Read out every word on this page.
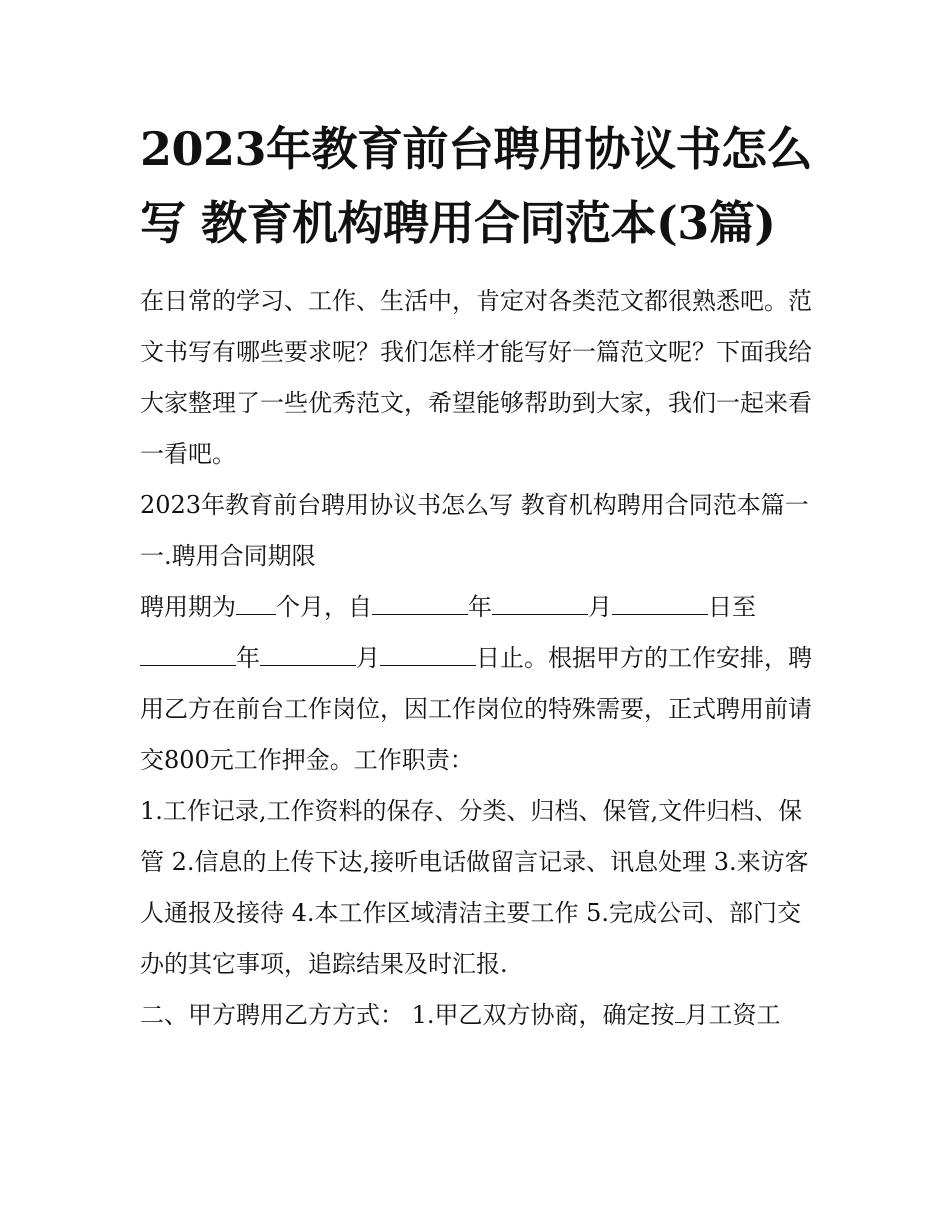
2023年教育前台聘用协议书怎么写 教育机构聘用合同范本(3篇)

在日常的学习、工作、生活中，肯定对各类范文都很熟悉吧。范文书写有哪些要求呢？我们怎样才能写好一篇范文呢？下面我给大家整理了一些优秀范文，希望能够帮助到大家，我们一起来看一看吧。

2023年教育前台聘用协议书怎么写 教育机构聘用合同范本篇一 一.聘用合同期限

聘用期为 个月，自	年	月	日至年	月	日止。根据甲方的工作安排，聘用乙方在前台工作岗位，因工作岗位的特殊需要，正式聘用前请交800元工作押金。工作职责：

1.工作记录,工作资料的保存、分类、归档、保管,文件归档、保管 2.信息的上传下达,接听电话做留言记录、讯息处理 3.来访客人通报及接待 4.本工作区域清洁主要工作 5.完成公司、部门交办的其它事项，追踪结果及时汇报.

二、甲方聘用乙方方式： 1.甲乙双方协商，确定按 月工资工
